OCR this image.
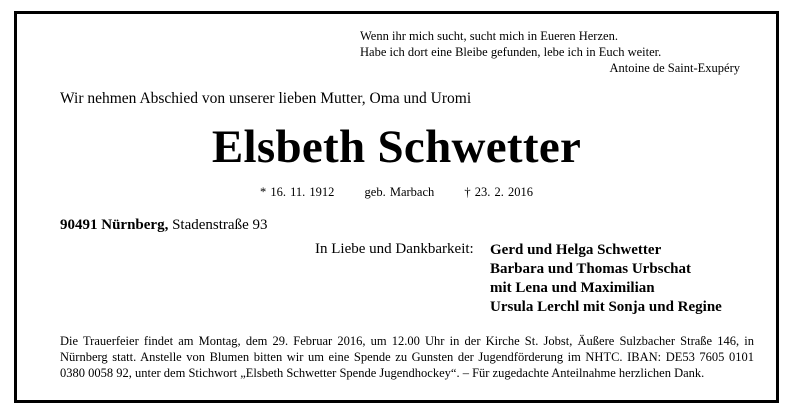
Wenn ihr mich sucht, sucht mich in Eueren Herzen.
Habe ich dort eine Bleibe gefunden, lebe ich in Euch weiter.
Antoine de Saint-Exupéry
Wir nehmen Abschied von unserer lieben Mutter, Oma und Uromi
Elsbeth Schwetter
* 16. 11. 1912 geb. Marbach † 23. 2. 2016
90491 Nürnberg, Stadenstraße 93
In Liebe und Dankbarkeit: Gerd und Helga Schwetter
Barbara und Thomas Urbschat
mit Lena und Maximilian
Ursula Lerchl mit Sonja und Regine
Die Trauerfeier findet am Montag, dem 29. Februar 2016, um 12.00 Uhr in der Kirche St. Jobst, Äußere Sulzbacher Straße 146, in Nürnberg statt. Anstelle von Blumen bitten wir um eine Spende zu Gunsten der Jugendförderung im NHTC. IBAN: DE53 7605 0101 0380 0058 92, unter dem Stichwort „Elsbeth Schwetter Spende Jugendhockey“. – Für zugedachte Anteilnahme herzlichen Dank.
